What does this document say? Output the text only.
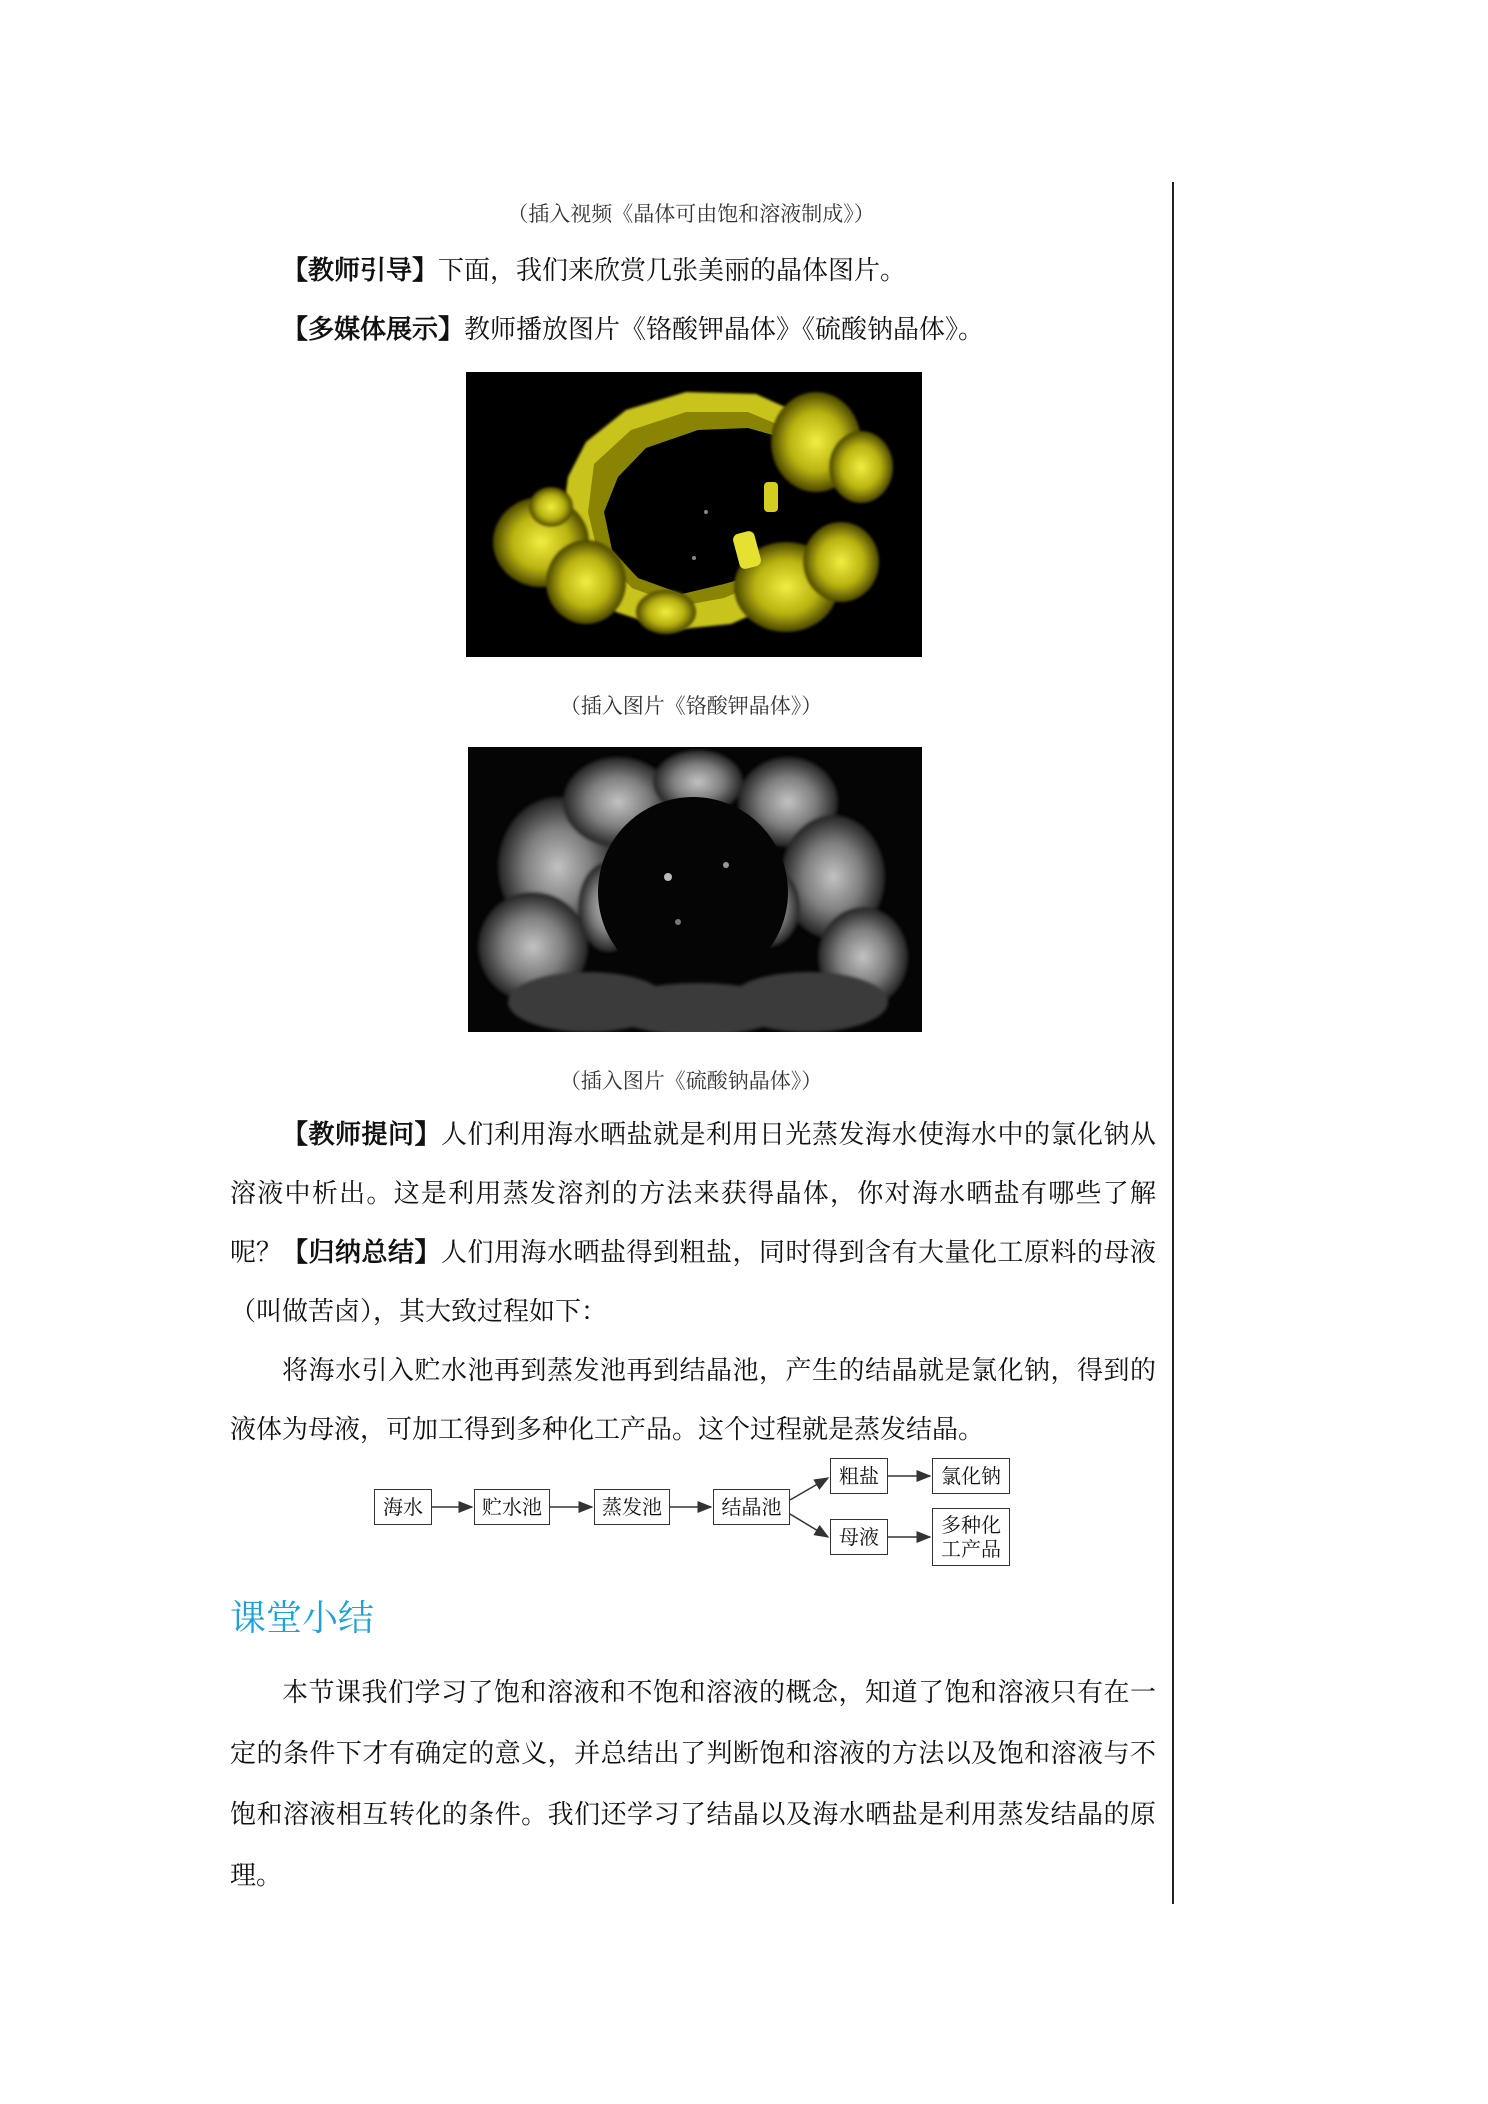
（插入视频《晶体可由饱和溶液制成》）

【教师引导】下面，我们来欣赏几张美丽的晶体图片。

【多媒体展示】教师播放图片《铬酸钾晶体》《硫酸钠晶体》。

（插入图片《铬酸钾晶体》）
（插入图片《硫酸钠晶体》）

【教师提问】人们利用海水晒盐就是利用日光蒸发海水使海水中的氯化钠从溶液中析出。这是利用蒸发溶剂的方法来获得晶体，你对海水晒盐有哪些了解呢？ 【归纳总结】人们用海水晒盐得到粗盐，同时得到含有大量化工原料的母液（叫做苦卤），其大致过程如下：

将海水引入贮水池再到蒸发池再到结晶池，产生的结晶就是氯化钠，得到的液体为母液，可加工得到多种化工产品。这个过程就是蒸发结晶。

海水	贮水池	蒸发池	结晶池
粗盐
母液
氯化钠
多种化
工产品
课堂小结

本节课我们学习了饱和溶液和不饱和溶液的概念，知道了饱和溶液只有在一定的条件下才有确定的意义，并总结出了判断饱和溶液的方法以及饱和溶液与不饱和溶液相互转化的条件。我们还学习了结晶以及海水晒盐是利用蒸发结晶的原理。
